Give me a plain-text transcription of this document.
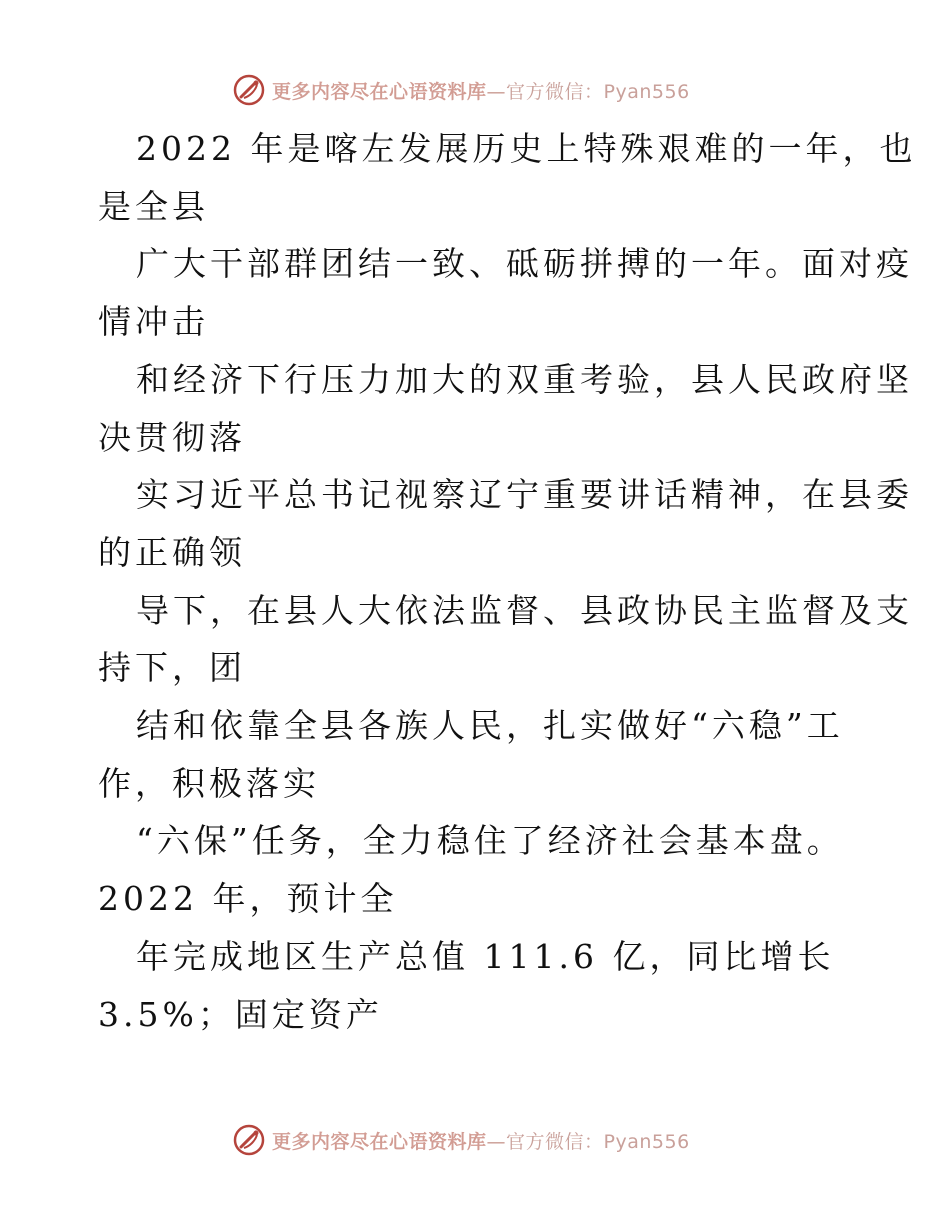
更多内容尽在心语资料库—官方微信：Pyan556
2022 年是喀左发展历史上特殊艰难的一年，也
是全县
广大干部群团结一致、砥砺拼搏的一年。面对疫
情冲击
和经济下行压力加大的双重考验，县人民政府坚
决贯彻落
实习近平总书记视察辽宁重要讲话精神，在县委
的正确领
导下，在县人大依法监督、县政协民主监督及支
持下，团
结和依靠全县各族人民，扎实做好“六稳”工
作，积极落实
“六保”任务，全力稳住了经济社会基本盘。
2022 年，预计全
年完成地区生产总值 111.6 亿，同比增长
3.5%；固定资产
更多内容尽在心语资料库—官方微信：Pyan556
